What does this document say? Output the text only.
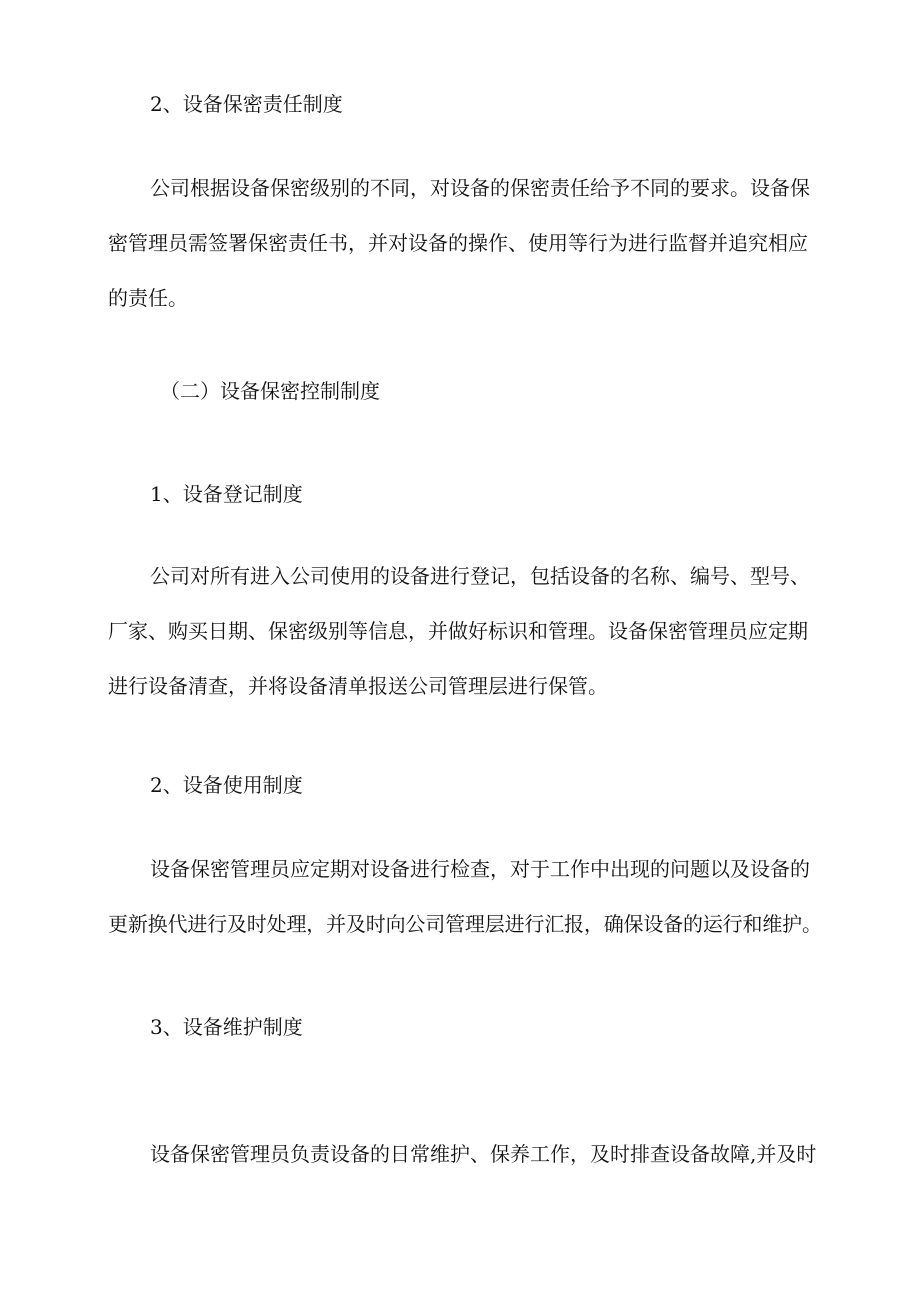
2、设备保密责任制度
公司根据设备保密级别的不同，对设备的保密责任给予不同的要求。设备保
密管理员需签署保密责任书，并对设备的操作、使用等行为进行监督并追究相应
的责任。
（二）设备保密控制制度
1、设备登记制度
公司对所有进入公司使用的设备进行登记，包括设备的名称、编号、型号、
厂家、购买日期、保密级别等信息，并做好标识和管理。设备保密管理员应定期
进行设备清查，并将设备清单报送公司管理层进行保管。
2、设备使用制度
设备保密管理员应定期对设备进行检查，对于工作中出现的问题以及设备的
更新换代进行及时处理，并及时向公司管理层进行汇报，确保设备的运行和维护。
3、设备维护制度
设备保密管理员负责设备的日常维护、保养工作，及时排查设备故障,并及时
